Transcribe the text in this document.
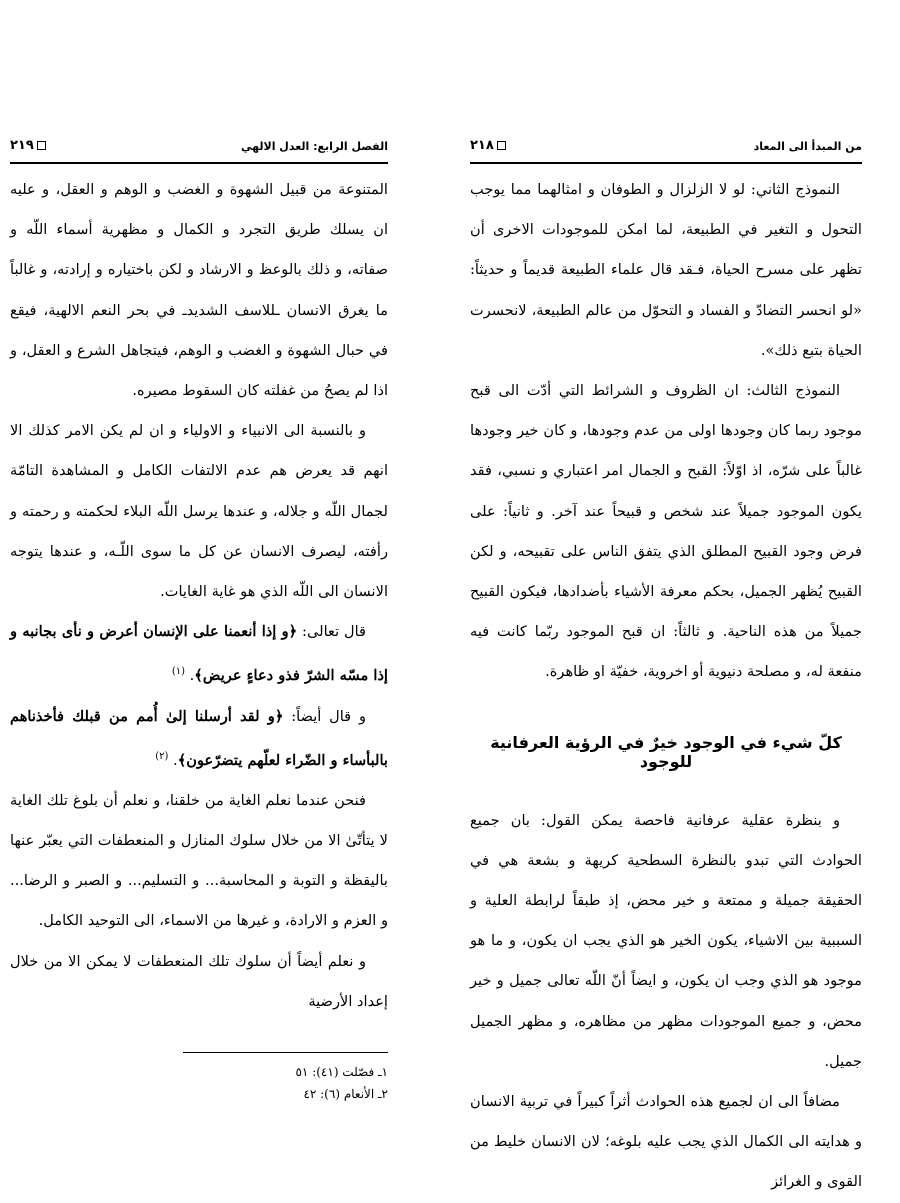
الفصل الرابع: العدل الالهي
٢١٩

المتنوعة من قبيل الشهوة و الغضب و الوهم و العقل، و عليه ان يسلك طريق التجرد و الكمال و مظهرية أسماء اللّه و صفاته، و ذلك بالوعظ و الارشاد و لكن باختياره و إرادته، و غالباً ما يغرق الانسان ـللاسف الشديدـ في بحر النعم الالهية، فيقع في حبال الشهوة و الغضب و الوهم، فيتجاهل الشرع و العقل، و اذا لم يصحُ من غفلته كان السقوط مصيره.

و بالنسبة الى الانبياء و الاولياء و ان لم يكن الامر كذلك الا انهم قد يعرض هم عدم الالتفات الكامل و المشاهدة التامّة لجمال اللّه و جلاله، و عندها يرسل اللّه البلاء لحكمته و رحمته و رأفته، ليصرف الانسان عن كل ما سوى اللّـه، و عندها يتوجه الانسان الى اللّه الذي هو غاية الغايات.

قال تعالى: ﴿و إذا أنعمنا على الإنسان أعرض و نأى بجانبه و إذا مسّه الشرّ فذو دعاءٍ عريض﴾. $^{(١)}$

و قال أيضاً: ﴿و لقد أرسلنا إلىٰ أُمم من قبلك فأخذناهم بالبأساء و الضّراء لعلّهم يتضرّعون﴾. $^{(٢)}$

فنحن عندما نعلم الغاية من خلقنا، و نعلم أن بلوغ تلك الغاية لا يتأتّىٰ الا من خلال سلوك المنازل و المنعطفات التي يعبّر عنها باليقظة و التوبة و المحاسبة... و التسليم... و الصبر و الرضا... و العزم و الارادة، و غيرها من الاسماء، الى التوحيد الكامل.

و نعلم أيضاً أن سلوك تلك المنعطفات لا يمكن الا من خلال إعداد الأرضية

١ـ فصّلت (٤١): ٥١
٢ـ الأنعام (٦): ٤٢
من المبدأ الى المعاد
٢١٨

النموذج الثاني: لو لا الزلزال و الطوفان و امثالهما مما يوجب التحول و التغير في الطبيعة، لما امكن للموجودات الاخرى أن تظهر على مسرح الحياة، فـقد قال علماء الطبيعة قديماً و حديثاً: «لو انحسر التضادّ و الفساد و التحوّل من عالم الطبيعة، لانحسرت الحياة بتبع ذلك».

النموذج الثالث: ان الظروف و الشرائط التي أدّت الى قبح موجود ربما كان وجودها اولى من عدم وجودها، و كان خير وجودها غالباً على شرّه، اذ اوّلاً: القبح و الجمال امر اعتباري و نسبي، فقد يكون الموجود جميلاً عند شخص و قبيحاً عند آخر. و ثانياً: على فرض وجود القبيح المطلق الذي يتفق الناس على تقبيحه، و لكن القبيح يُظهر الجميل، بحكم معرفة الأشياء بأضدادها، فيكون القبيح جميلاً من هذه الناحية. و ثالثاً: ان قبح الموجود ربّما كانت فيه منفعة له، و مصلحة دنيوية أو اخروية، خفيّة او ظاهرة.

كلّ شيء في الوجود خيرٌ في الرؤية العرفانية للوجود

و بنظرة عقلية عرفانية فاحصة يمكن القول: بان جميع الحوادث التي تبدو بالنظرة السطحية كريهة و بشعة هي في الحقيقة جميلة و ممتعة و خير محض، إذ طبقاً لرابطة العلية و السببية بين الاشياء، يكون الخير هو الذي يجب ان يكون، و ما هو موجود هو الذي وجب ان يكون، و ايضاً أنّ اللّه تعالى جميل و خير محض، و جميع الموجودات مظهر من مظاهره، و مظهر الجميل جميل.

مضافاً الى ان لجميع هذه الحوادث أثراً كبيراً في تربية الانسان و هدايته الى الكمال الذي يجب عليه بلوغه؛ لان الانسان خليط من القوى و الغرائز
